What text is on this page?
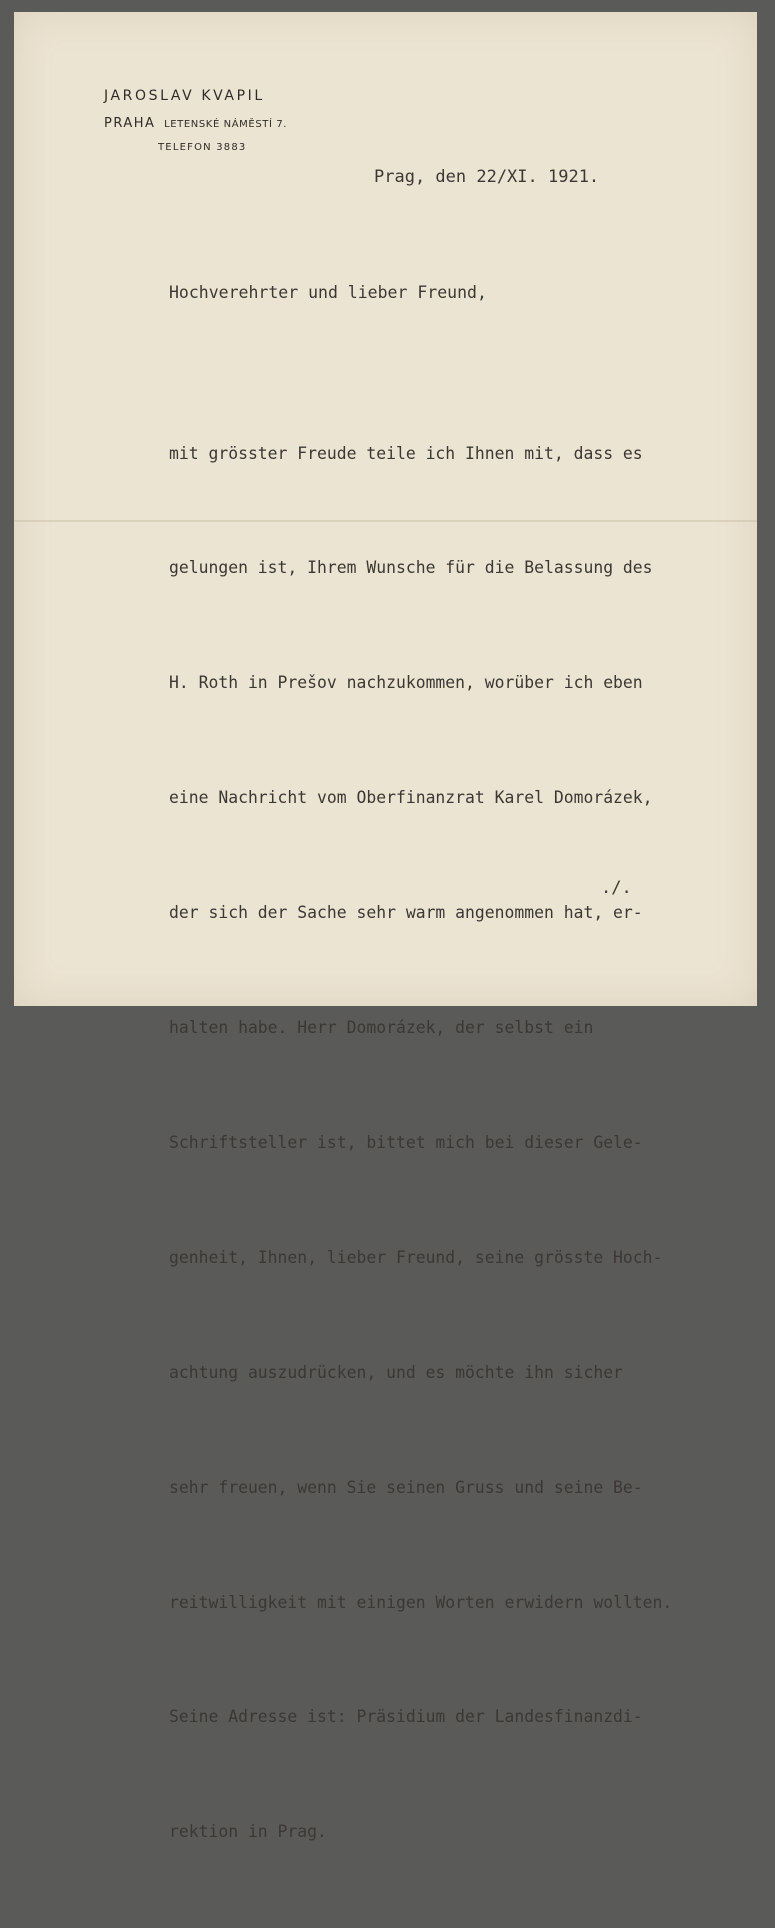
JAROSLAV KVAPIL
PRAHA LETENSKÉ NÁMĚSTÍ 7.
TELEFON 3883
Prag, den 22/XI. 1921.
Hochverehrter und lieber Freund,

mit grösster Freude teile ich Ihnen mit, dass es

gelungen ist, Ihrem Wunsche für die Belassung des

H. Roth in Prešov nachzukommen, worüber ich eben

eine Nachricht vom Oberfinanzrat Karel Domorázek,

der sich der Sache sehr warm angenommen hat, er-

halten habe. Herr Domorázek, der selbst ein

Schriftsteller ist, bittet mich bei dieser Gele-

genheit, Ihnen, lieber Freund, seine grösste Hoch-

achtung auszudrücken, und es möchte ihn sicher

sehr freuen, wenn Sie seinen Gruss und seine Be-

reitwilligkeit mit einigen Worten erwidern wollten.

Seine Adresse ist: Präsidium der Landesfinanzdi-

rektion in Prag.

./.
